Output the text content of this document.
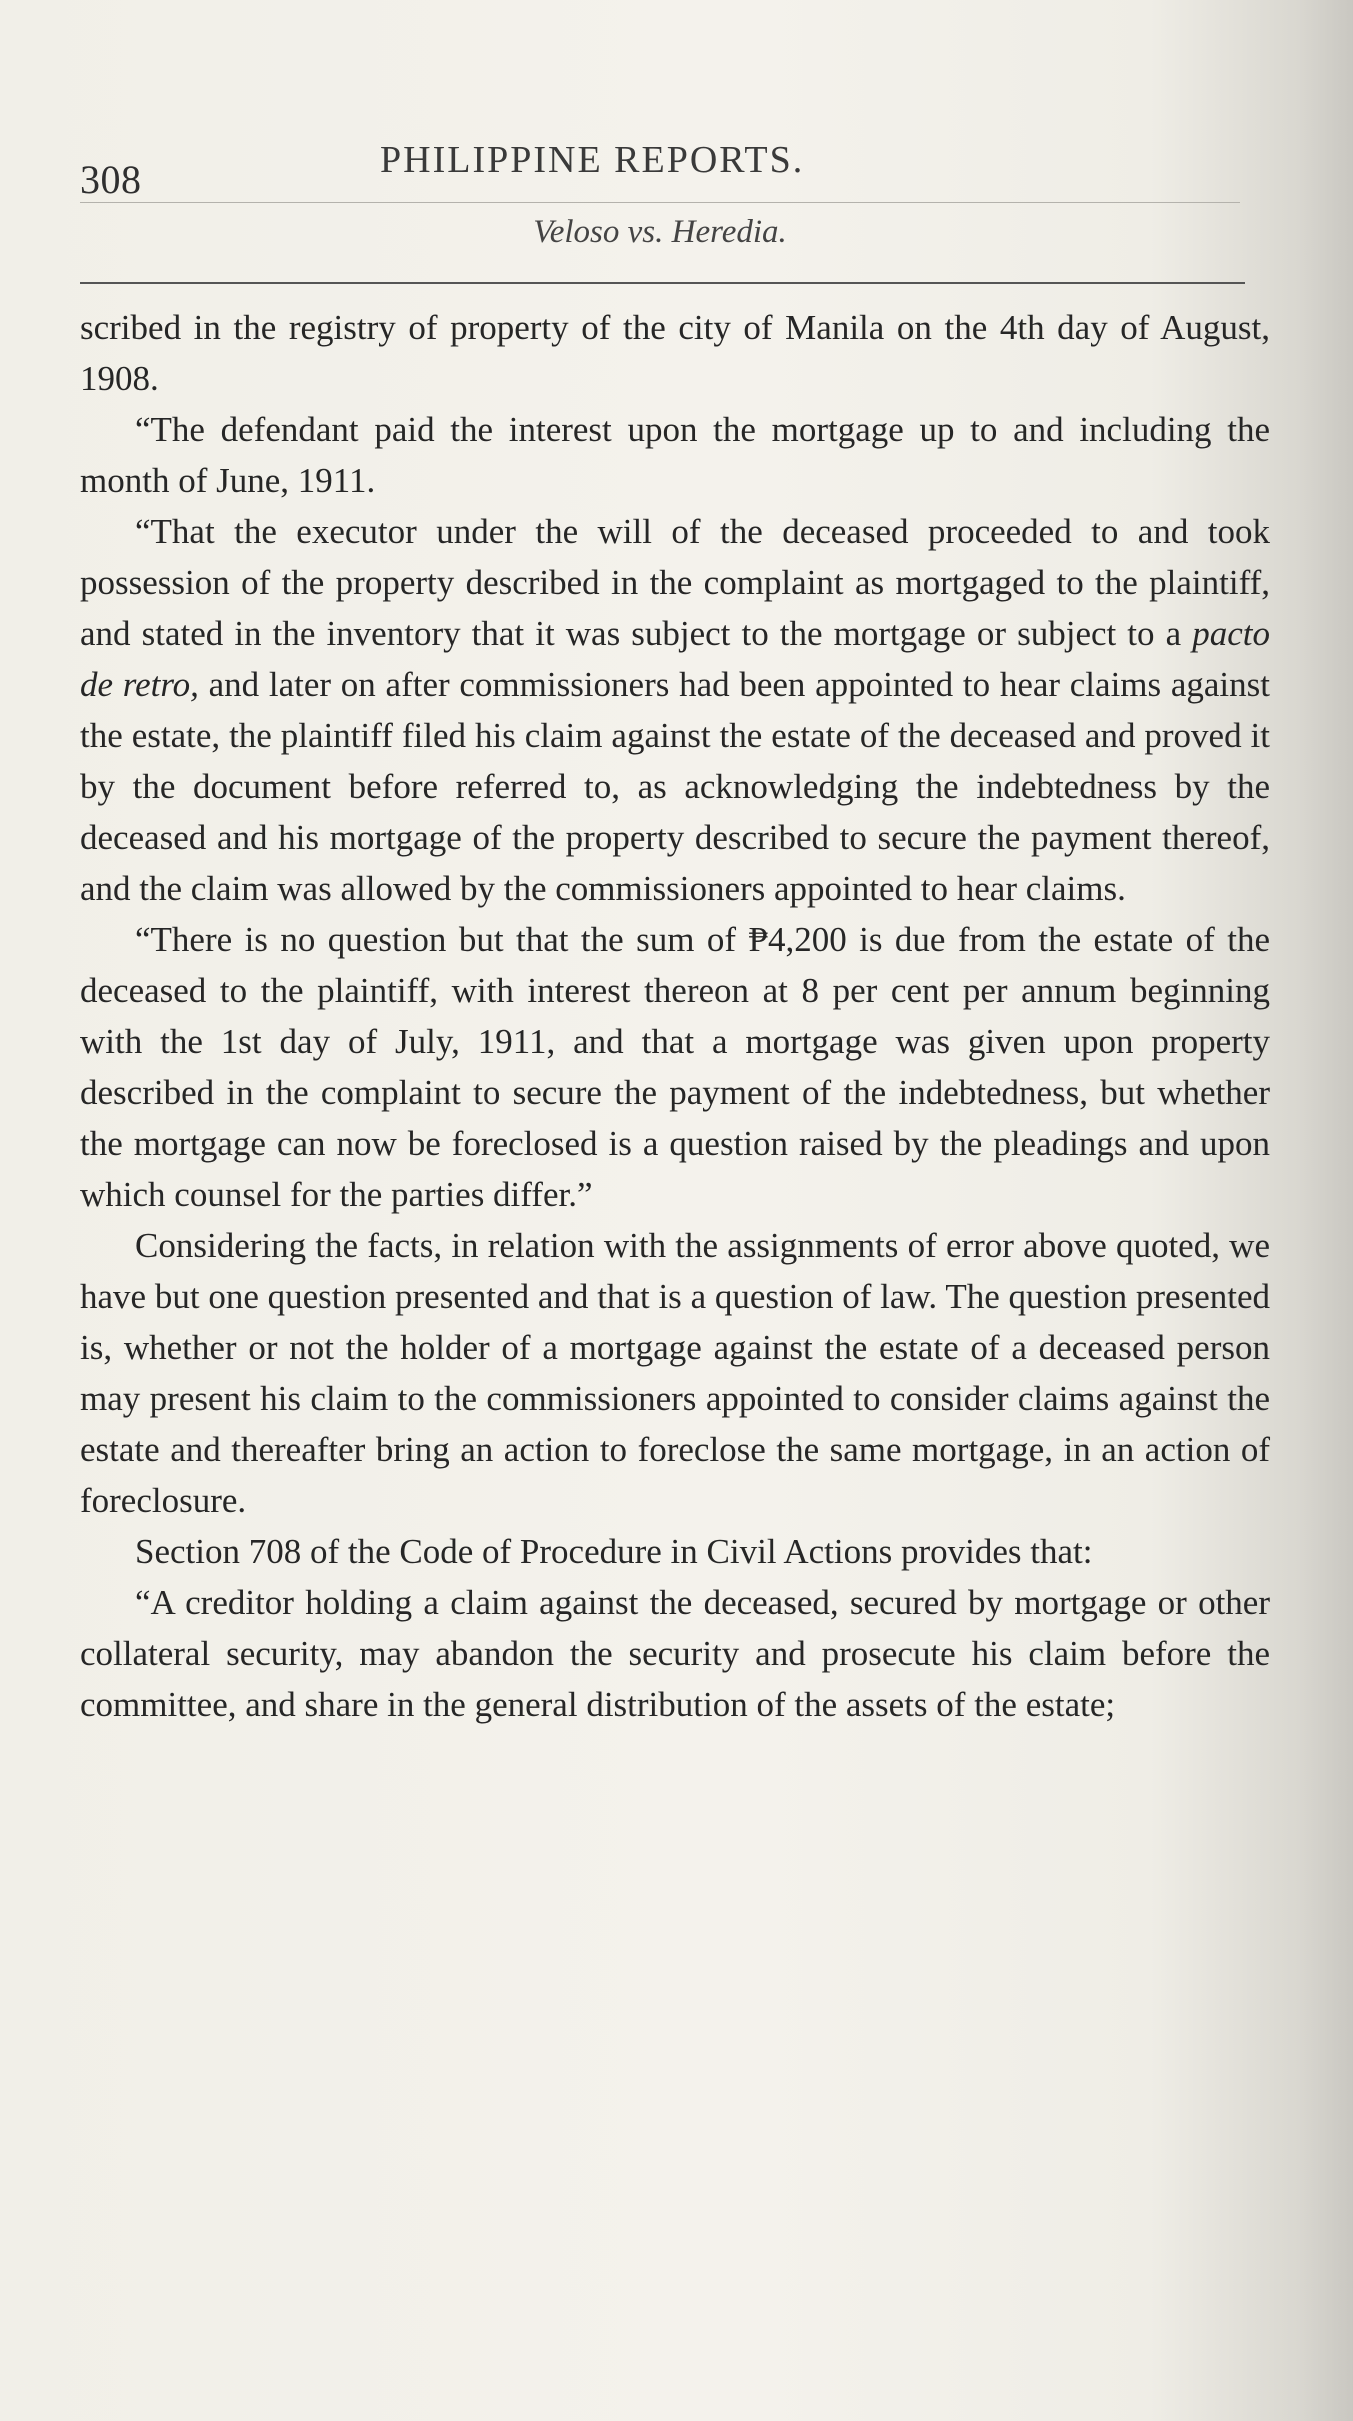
308	PHILIPPINE REPORTS.
Veloso vs. Heredia.

scribed in the registry of property of the city of Manila on the 4th day of August, 1908.

“The defendant paid the interest upon the mortgage up to and including the month of June, 1911.

“That the executor under the will of the deceased proceeded to and took possession of the property described in the complaint as mortgaged to the plaintiff, and stated in the inventory that it was subject to the mortgage or subject to a pacto de retro, and later on after commissioners had been appointed to hear claims against the estate, the plaintiff filed his claim against the estate of the deceased and proved it by the document before referred to, as acknowledging the indebtedness by the deceased and his mortgage of the property described to secure the payment thereof, and the claim was allowed by the commissioners appointed to hear claims.

“There is no question but that the sum of ₱4,200 is due from the estate of the deceased to the plaintiff, with interest thereon at 8 per cent per annum beginning with the 1st day of July, 1911, and that a mortgage was given upon property described in the complaint to secure the payment of the indebtedness, but whether the mortgage can now be foreclosed is a question raised by the pleadings and upon which counsel for the parties differ.”

Considering the facts, in relation with the assignments of error above quoted, we have but one question presented and that is a question of law. The question presented is, whether or not the holder of a mortgage against the estate of a deceased person may present his claim to the commissioners appointed to consider claims against the estate and thereafter bring an action to foreclose the same mortgage, in an action of foreclosure.

Section 708 of the Code of Procedure in Civil Actions provides that:

“A creditor holding a claim against the deceased, secured by mortgage or other collateral security, may abandon the security and prosecute his claim before the committee, and share in the general distribution of the assets of the estate;
